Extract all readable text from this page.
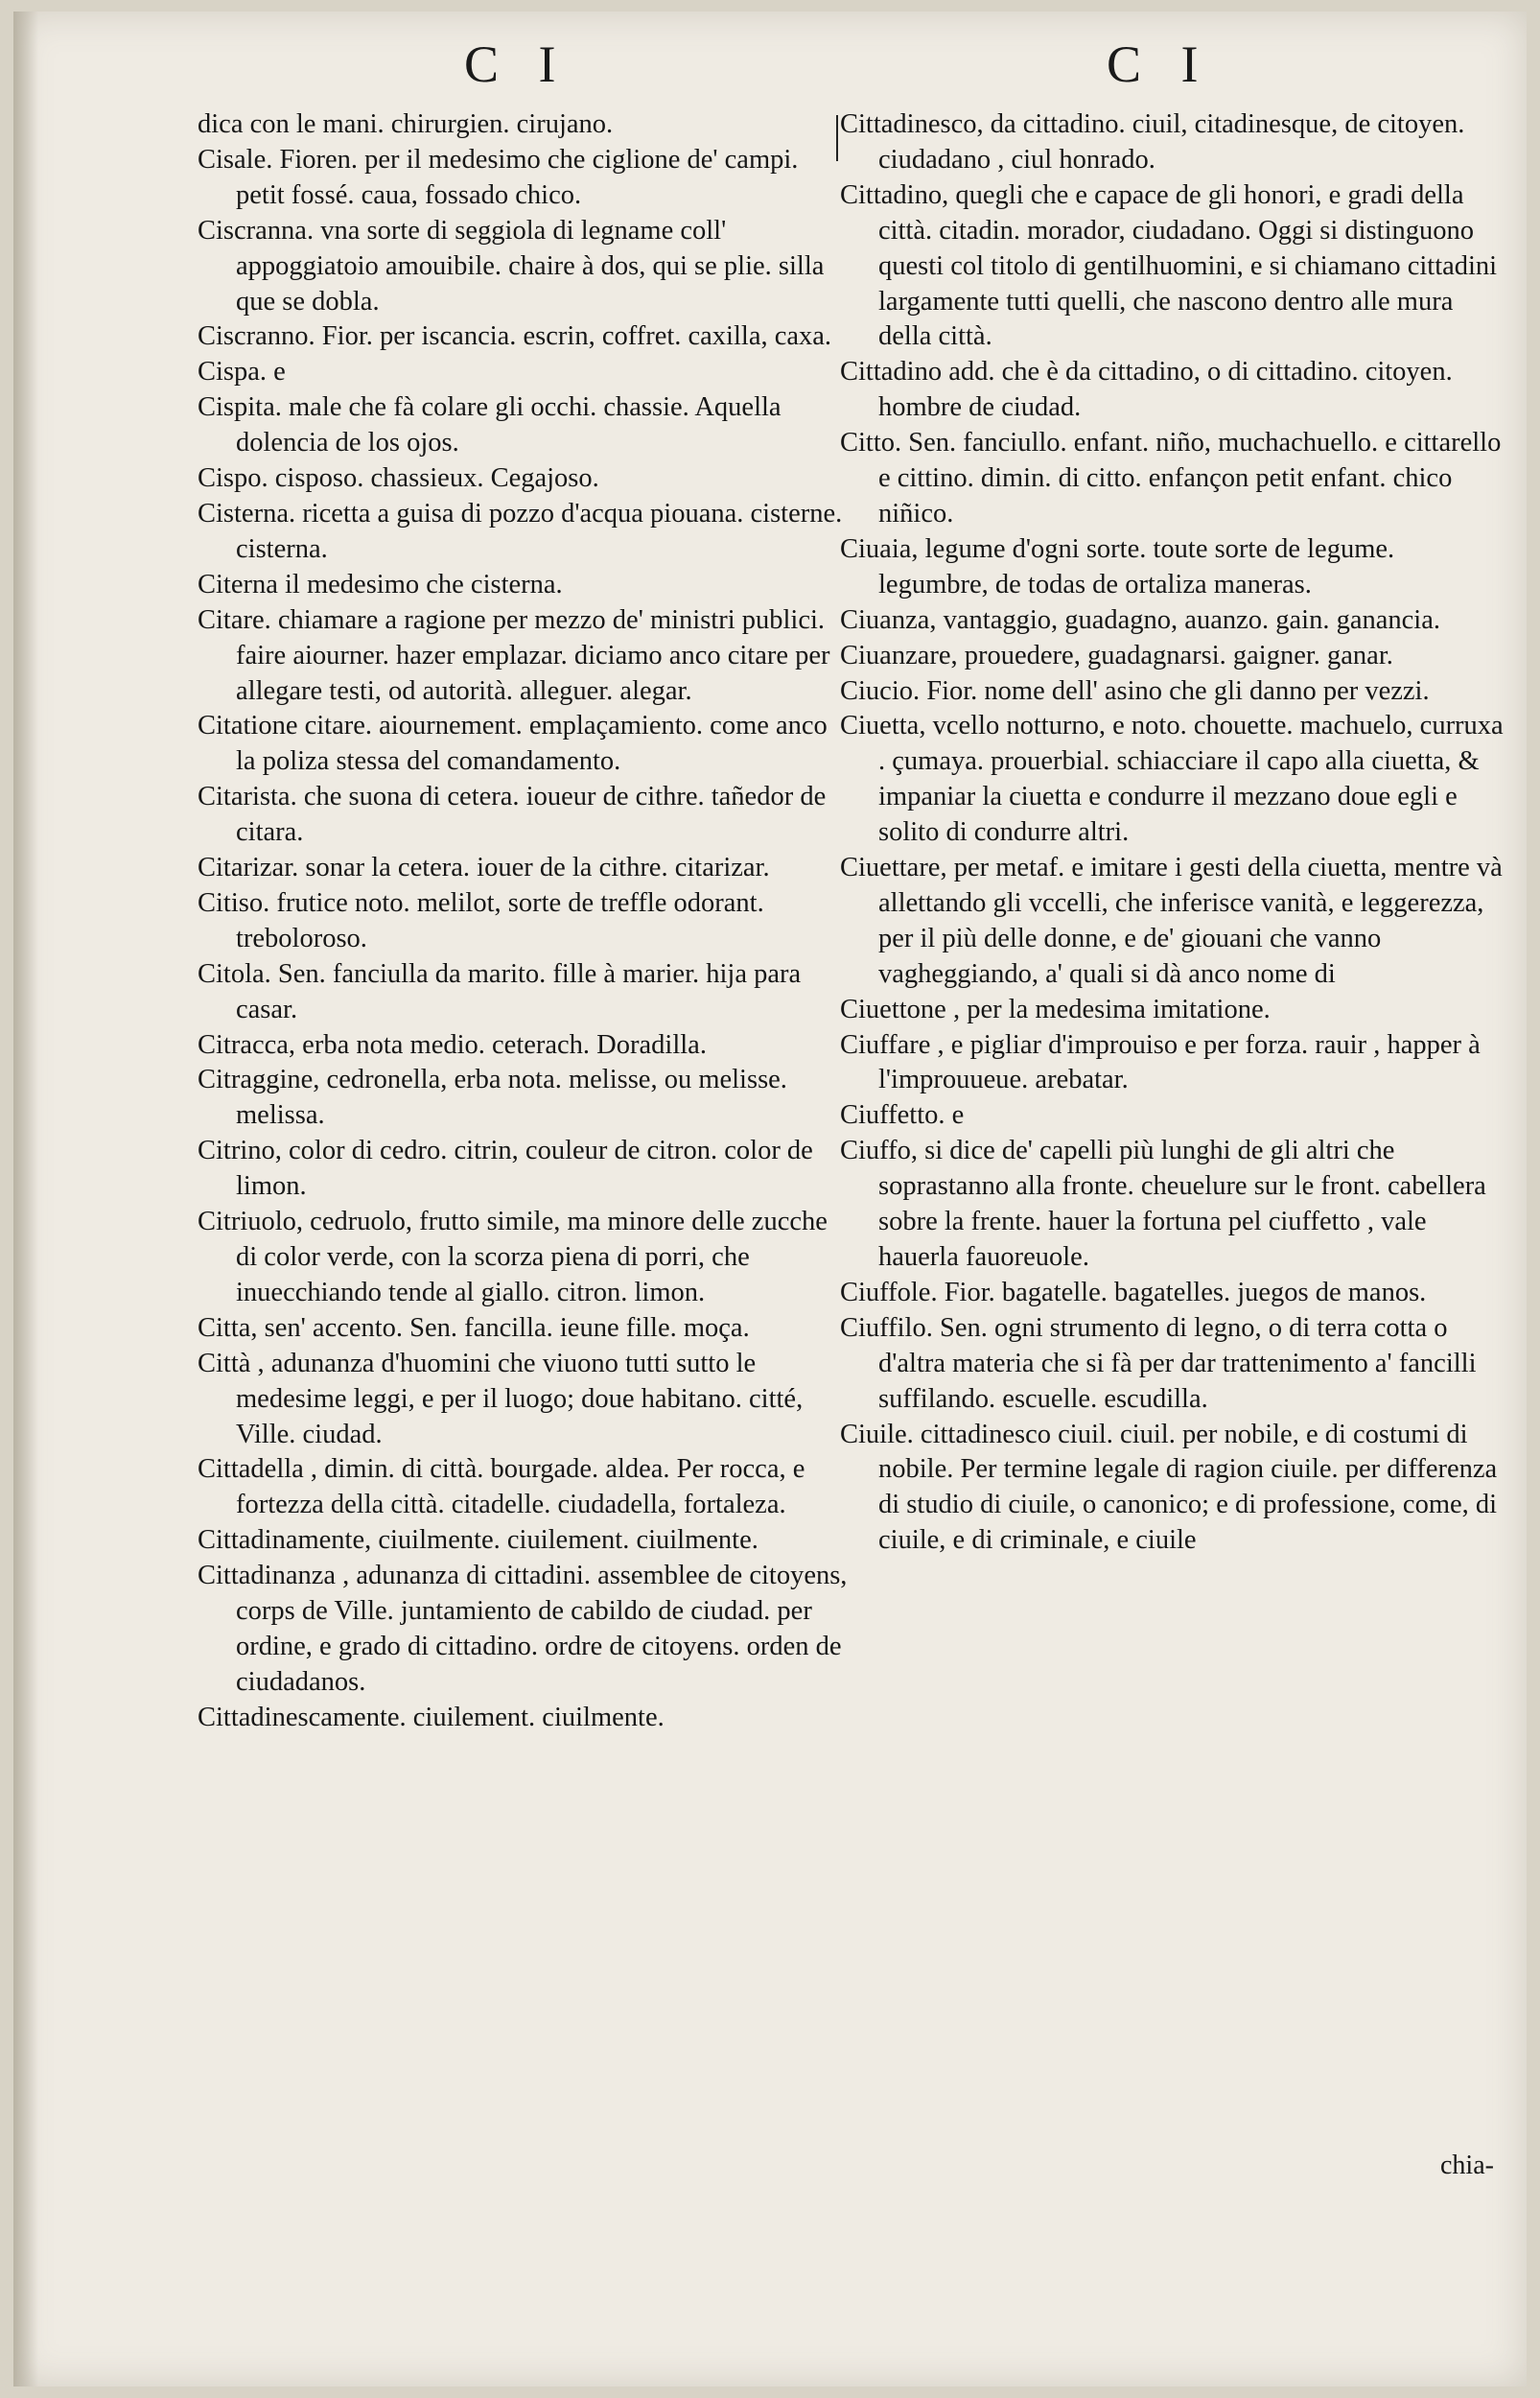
C I	C I
dica con le mani. chirurgien. cirujano.
Cisale. Fioren. per il medesimo che ciglione de' campi. petit fossé. caua, fossado chico.
Ciscranna. vna sorte di seggiola di legname coll' appoggiatoio amouibile. chaire à dos, qui se plie. silla que se dobla.
Ciscranno. Fior. per iscancia. escrin, coffret. caxilla, caxa.
Cispa. e
Cispita. male che fà colare gli occhi. chassie. Aquella dolencia de los ojos.
Cispo. cisposo. chassieux. Cegajoso.
Cisterna. ricetta a guisa di pozzo d'acqua piouana. cisterne. cisterna.
Citerna il medesimo che cisterna.
Citare. chiamare a ragione per mezzo de' ministri publici. faire aiourner. hazer emplazar. diciamo anco citare per allegare testi, od autorità. alleguer. alegar.
Citatione citare. aiournement. emplaçamiento. come anco la poliza stessa del comandamento.
Citarista. che suona di cetera. ioueur de cithre. tañedor de citara.
Citarizar. sonar la cetera. iouer de la cithre. citarizar.
Citiso. frutice noto. melilot, sorte de treffle odorant. treboloroso.
Citola. Sen. fanciulla da marito. fille à marier. hija para casar.
Citracca, erba nota medio. ceterach. Doradilla.
Citraggine, cedronella, erba nota. melisse, ou melisse. melissa.
Citrino, color di cedro. citrin, couleur de citron. color de limon.
Citriuolo, cedruolo, frutto simile, ma minore delle zucche di color verde, con la scorza piena di porri, che inuecchiando tende al giallo. citron. limon.
Citta, sen' accento. Sen. fancilla. ieune fille. moça.
Città , adunanza d'huomini che viuono tutti sutto le medesime leggi, e per il luogo; doue habitano. citté, Ville. ciudad.
Cittadella , dimin. di città. bourgade. aldea. Per rocca, e fortezza della città. citadelle. ciudadella, fortaleza.
Cittadinamente, ciuilmente. ciuilement. ciuilmente.
Cittadinanza , adunanza di cittadini. assemblee de citoyens, corps de Ville. juntamiento de cabildo de ciudad. per ordine, e grado di cittadino. ordre de citoyens. orden de ciudadanos.
Cittadinescamente. ciuilement. ciuilmente.
Cittadinesco, da cittadino. ciuil, citadinesque, de citoyen. ciudadano , ciul honrado.
Cittadino, quegli che e capace de gli honori, e gradi della città. citadin. morador, ciudadano. Oggi si distinguono questi col titolo di gentilhuomini, e si chiamano cittadini largamente tutti quelli, che nascono dentro alle mura della città.
Cittadino add. che è da cittadino, o di cittadino. citoyen. hombre de ciudad.
Citto. Sen. fanciullo. enfant. niño, muchachuello. e cittarello e cittino. dimin. di citto. enfançon petit enfant. chico niñico.
Ciuaia, legume d'ogni sorte. toute sorte de legume. legumbre, de todas de ortaliza maneras.
Ciuanza, vantaggio, guadagno, auanzo. gain. ganancia.
Ciuanzare, prouedere, guadagnarsi. gaigner. ganar.
Ciucio. Fior. nome dell' asino che gli danno per vezzi.
Ciuetta, vcello notturno, e noto. chouette. machuelo, curruxa . çumaya. prouerbial. schiacciare il capo alla ciuetta, & impaniar la ciuetta e condurre il mezzano doue egli e solito di condurre altri.
Ciuettare, per metaf. e imitare i gesti della ciuetta, mentre và allettando gli vccelli, che inferisce vanità, e leggerezza, per il più delle donne, e de' giouani che vanno vagheggiando, a' quali si dà anco nome di
Ciuettone , per la medesima imitatione.
Ciuffare , e pigliar d'improuiso e per forza. rauir , happer à l'improuueue. arebatar.
Ciuffetto. e
Ciuffo, si dice de' capelli più lunghi de gli altri che soprastanno alla fronte. cheuelure sur le front. cabellera sobre la frente. hauer la fortuna pel ciuffetto , vale hauerla fauoreuole.
Ciuffole. Fior. bagatelle. bagatelles. juegos de manos.
Ciuffilo. Sen. ogni strumento di legno, o di terra cotta o d'altra materia che si fà per dar trattenimento a' fancilli suffilando. escuelle. escudilla.
Ciuile. cittadinesco ciuil. ciuil. per nobile, e di costumi di nobile. Per termine legale di ragion ciuile. per differenza di studio di ciuile, o canonico; e di professione, come, di ciuile, e di criminale, e ciuile
chia-
